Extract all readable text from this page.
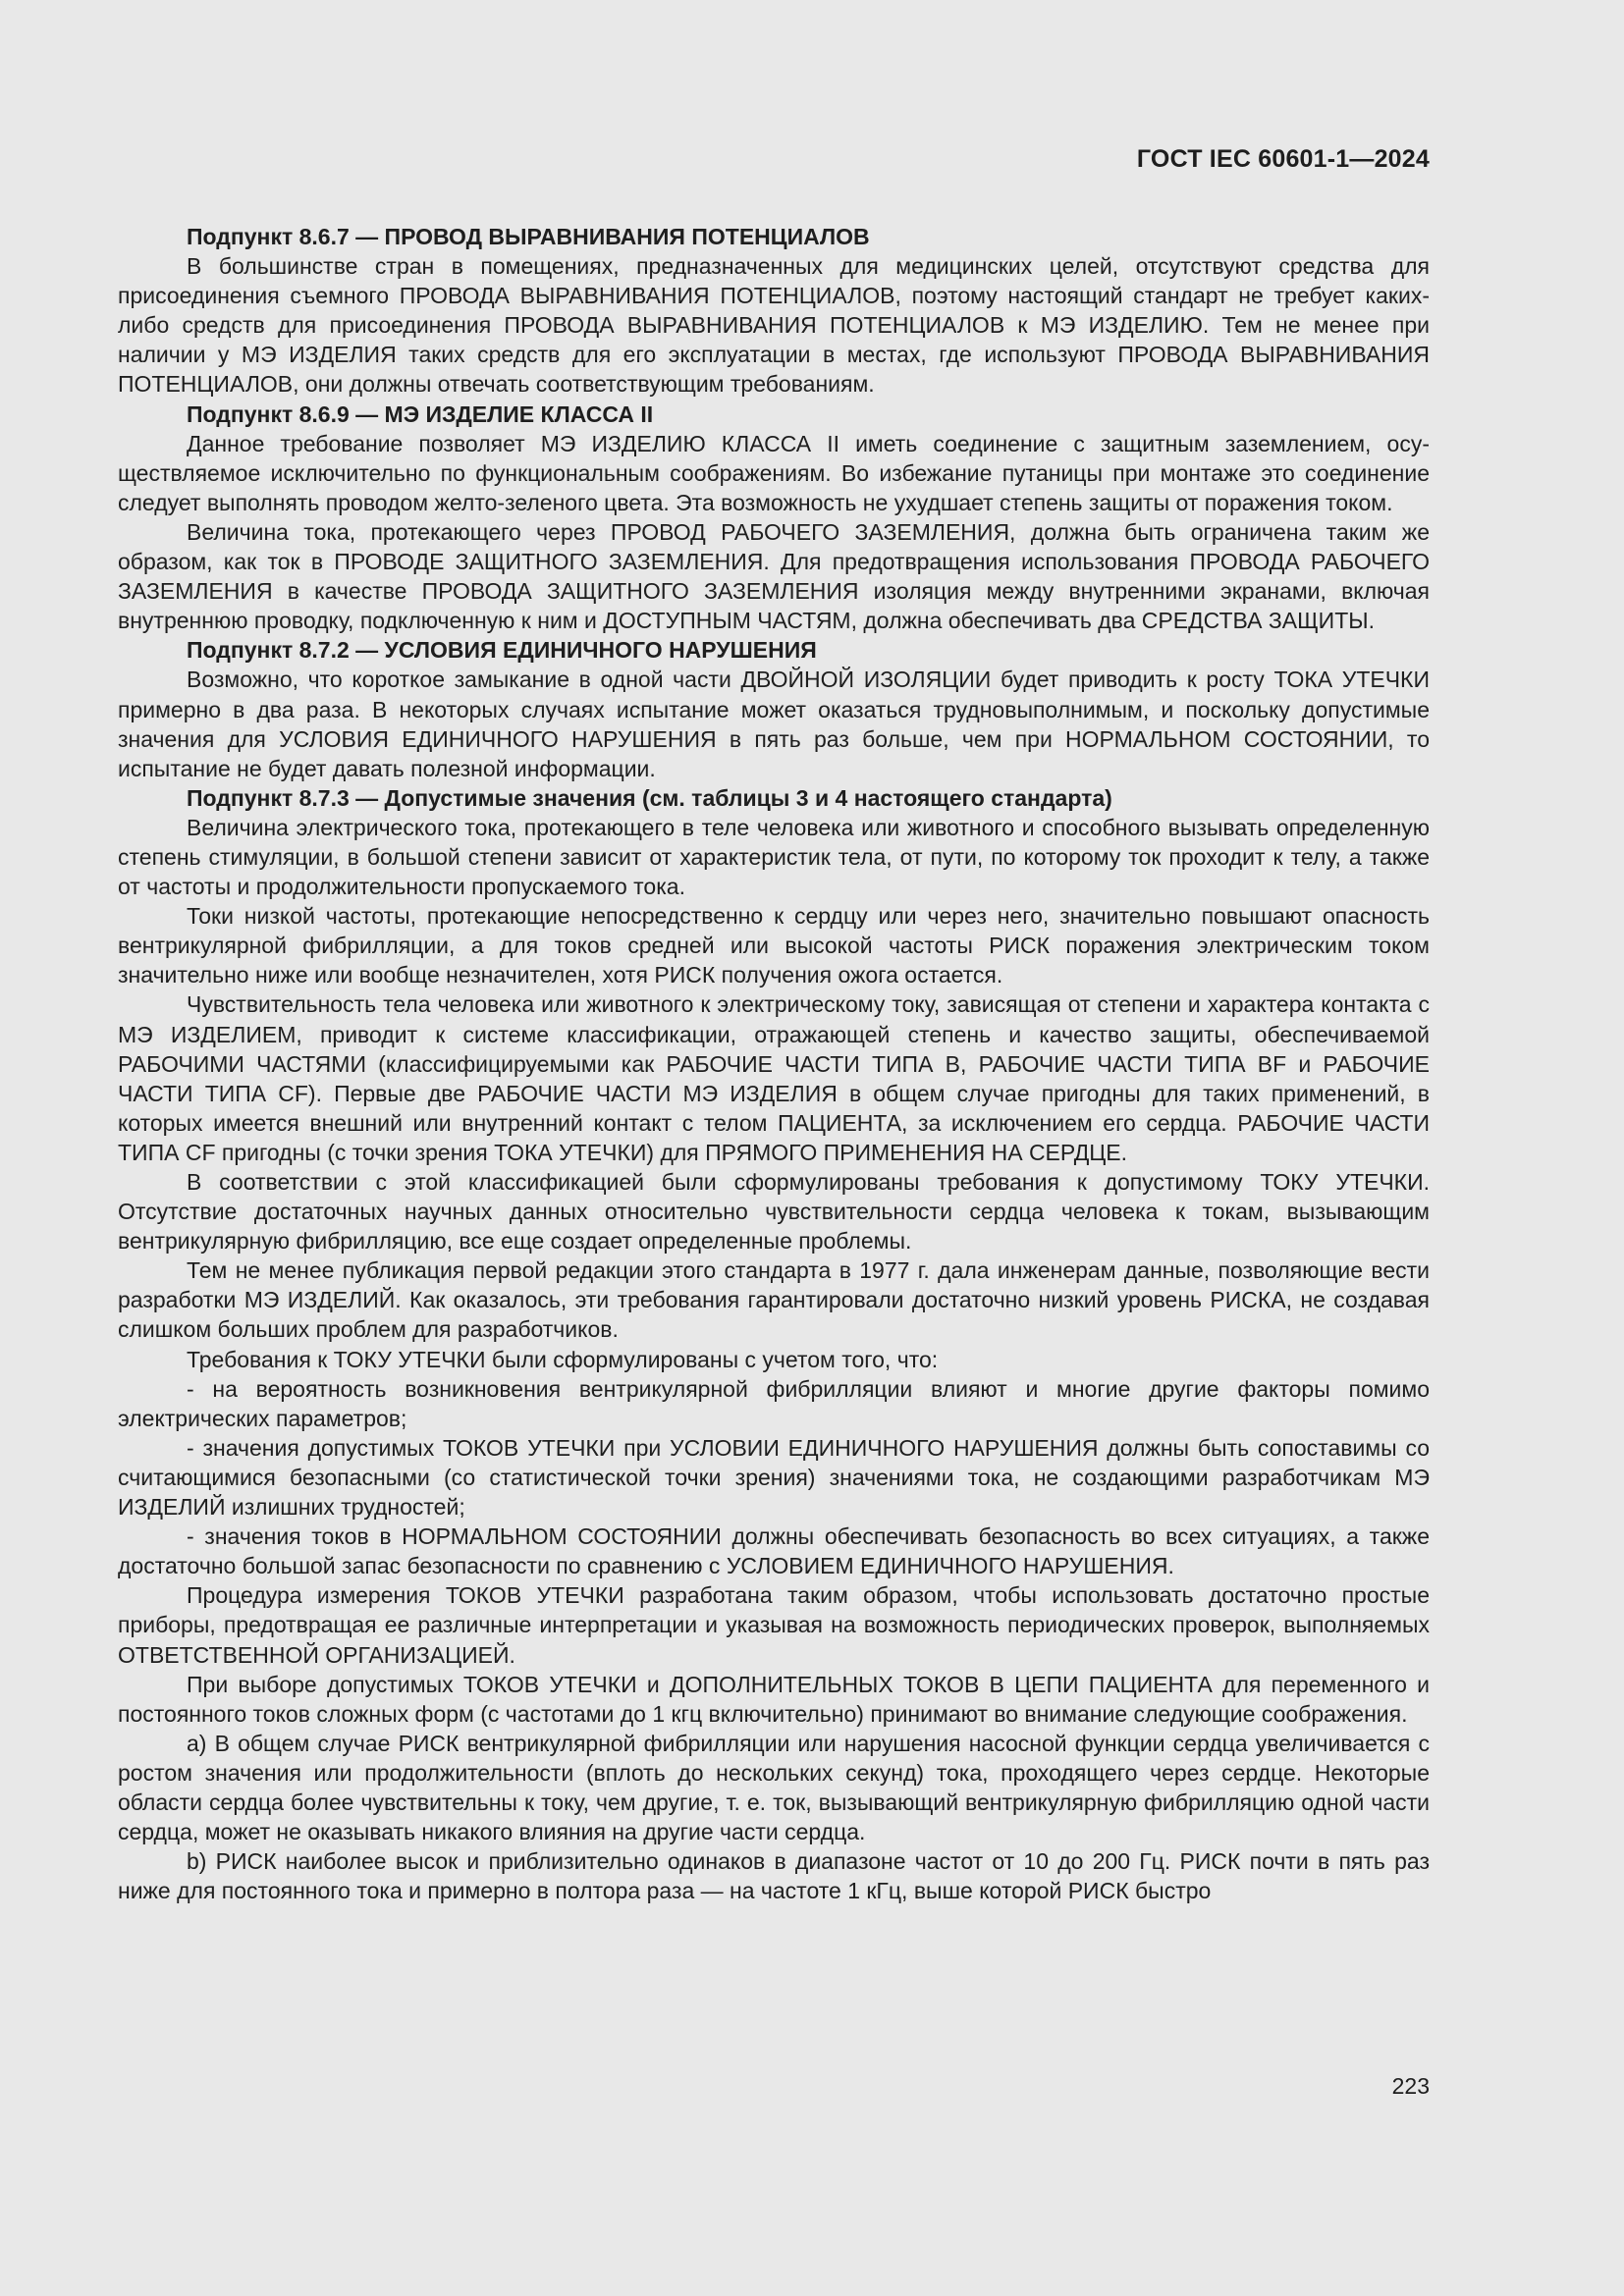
ГОСТ IEC 60601-1—2024

Подпункт 8.6.7 — ПРОВОД ВЫРАВНИВАНИЯ ПОТЕНЦИАЛОВ

В большинстве стран в помещениях, предназначенных для медицинских целей, отсутствуют средства для присоединения съемного ПРОВОДА ВЫРАВНИВАНИЯ ПОТЕНЦИАЛОВ, поэтому настоящий стандарт не требует каких-либо средств для присоединения ПРОВОДА ВЫРАВНИВАНИЯ ПОТЕНЦИАЛОВ к МЭ ИЗДЕЛИЮ. Тем не менее при наличии у МЭ ИЗДЕЛИЯ таких средств для его эксплуатации в местах, где используют ПРОВОДА ВЫРАВНИВАНИЯ ПОТЕНЦИАЛОВ, они должны отвечать соответствующим требованиям.

Подпункт 8.6.9 — МЭ ИЗДЕЛИЕ КЛАССА II

Данное требование позволяет МЭ ИЗДЕЛИЮ КЛАССА II иметь соединение с защитным заземлением, осуществляемое исключительно по функциональным соображениям. Во избежание путаницы при монтаже это соединение следует выполнять проводом желто-зеленого цвета. Эта возможность не ухудшает степень защиты от поражения током.

Величина тока, протекающего через ПРОВОД РАБОЧЕГО ЗАЗЕМЛЕНИЯ, должна быть ограничена таким же образом, как ток в ПРОВОДЕ ЗАЩИТНОГО ЗАЗЕМЛЕНИЯ. Для предотвращения использования ПРОВОДА РАБОЧЕГО ЗАЗЕМЛЕНИЯ в качестве ПРОВОДА ЗАЩИТНОГО ЗАЗЕМЛЕНИЯ изоляция между внутренними экранами, включая внутреннюю проводку, подключенную к ним и ДОСТУПНЫМ ЧАСТЯМ, должна обеспечивать два СРЕДСТВА ЗАЩИТЫ.

Подпункт 8.7.2 — УСЛОВИЯ ЕДИНИЧНОГО НАРУШЕНИЯ

Возможно, что короткое замыкание в одной части ДВОЙНОЙ ИЗОЛЯЦИИ будет приводить к росту ТОКА УТЕЧКИ примерно в два раза. В некоторых случаях испытание может оказаться трудновыполнимым, и поскольку допустимые значения для УСЛОВИЯ ЕДИНИЧНОГО НАРУШЕНИЯ в пять раз больше, чем при НОРМАЛЬНОМ СОСТОЯНИИ, то испытание не будет давать полезной информации.

Подпункт 8.7.3 — Допустимые значения (см. таблицы 3 и 4 настоящего стандарта)

Величина электрического тока, протекающего в теле человека или животного и способного вызывать определенную степень стимуляции, в большой степени зависит от характеристик тела, от пути, по которому ток проходит к телу, а также от частоты и продолжительности пропускаемого тока.

Токи низкой частоты, протекающие непосредственно к сердцу или через него, значительно повышают опасность вентрикулярной фибрилляции, а для токов средней или высокой частоты РИСК поражения электрическим током значительно ниже или вообще незначителен, хотя РИСК получения ожога остается.

Чувствительность тела человека или животного к электрическому току, зависящая от степени и характера контакта с МЭ ИЗДЕЛИЕМ, приводит к системе классификации, отражающей степень и качество защиты, обеспечиваемой РАБОЧИМИ ЧАСТЯМИ (классифицируемыми как РАБОЧИЕ ЧАСТИ ТИПА В, РАБОЧИЕ ЧАСТИ ТИПА BF и РАБОЧИЕ ЧАСТИ ТИПА CF). Первые две РАБОЧИЕ ЧАСТИ МЭ ИЗДЕЛИЯ в общем случае пригодны для таких применений, в которых имеется внешний или внутренний контакт с телом ПАЦИЕНТА, за исключением его сердца. РАБОЧИЕ ЧАСТИ ТИПА CF пригодны (с точки зрения ТОКА УТЕЧКИ) для ПРЯМОГО ПРИМЕНЕНИЯ НА СЕРДЦЕ.

В соответствии с этой классификацией были сформулированы требования к допустимому ТОКУ УТЕЧКИ. Отсутствие достаточных научных данных относительно чувствительности сердца человека к токам, вызывающим вентрикулярную фибрилляцию, все еще создает определенные проблемы.

Тем не менее публикация первой редакции этого стандарта в 1977 г. дала инженерам данные, позволяющие вести разработки МЭ ИЗДЕЛИЙ. Как оказалось, эти требования гарантировали достаточно низкий уровень РИСКА, не создавая слишком больших проблем для разработчиков.

Требования к ТОКУ УТЕЧКИ были сформулированы с учетом того, что:

- на вероятность возникновения вентрикулярной фибрилляции влияют и многие другие факторы помимо электрических параметров;

- значения допустимых ТОКОВ УТЕЧКИ при УСЛОВИИ ЕДИНИЧНОГО НАРУШЕНИЯ должны быть сопоставимы со считающимися безопасными (со статистической точки зрения) значениями тока, не создающими разработчикам МЭ ИЗДЕЛИЙ излишних трудностей;

- значения токов в НОРМАЛЬНОМ СОСТОЯНИИ должны обеспечивать безопасность во всех ситуациях, а также достаточно большой запас безопасности по сравнению с УСЛОВИЕМ ЕДИНИЧНОГО НАРУШЕНИЯ.

Процедура измерения ТОКОВ УТЕЧКИ разработана таким образом, чтобы использовать достаточно простые приборы, предотвращая ее различные интерпретации и указывая на возможность периодических проверок, выполняемых ОТВЕТСТВЕННОЙ ОРГАНИЗАЦИЕЙ.

При выборе допустимых ТОКОВ УТЕЧКИ и ДОПОЛНИТЕЛЬНЫХ ТОКОВ В ЦЕПИ ПАЦИЕНТА для переменного и постоянного токов сложных форм (с частотами до 1 кгц включительно) принимают во внимание следующие соображения.

a) В общем случае РИСК вентрикулярной фибрилляции или нарушения насосной функции сердца увеличивается с ростом значения или продолжительности (вплоть до нескольких секунд) тока, проходящего через сердце. Некоторые области сердца более чувствительны к току, чем другие, т. е. ток, вызывающий вентрикулярную фибрилляцию одной части сердца, может не оказывать никакого влияния на другие части сердца.

b) РИСК наиболее высок и приблизительно одинаков в диапазоне частот от 10 до 200 Гц. РИСК почти в пять раз ниже для постоянного тока и примерно в полтора раза — на частоте 1 кГц, выше которой РИСК быстро

223
